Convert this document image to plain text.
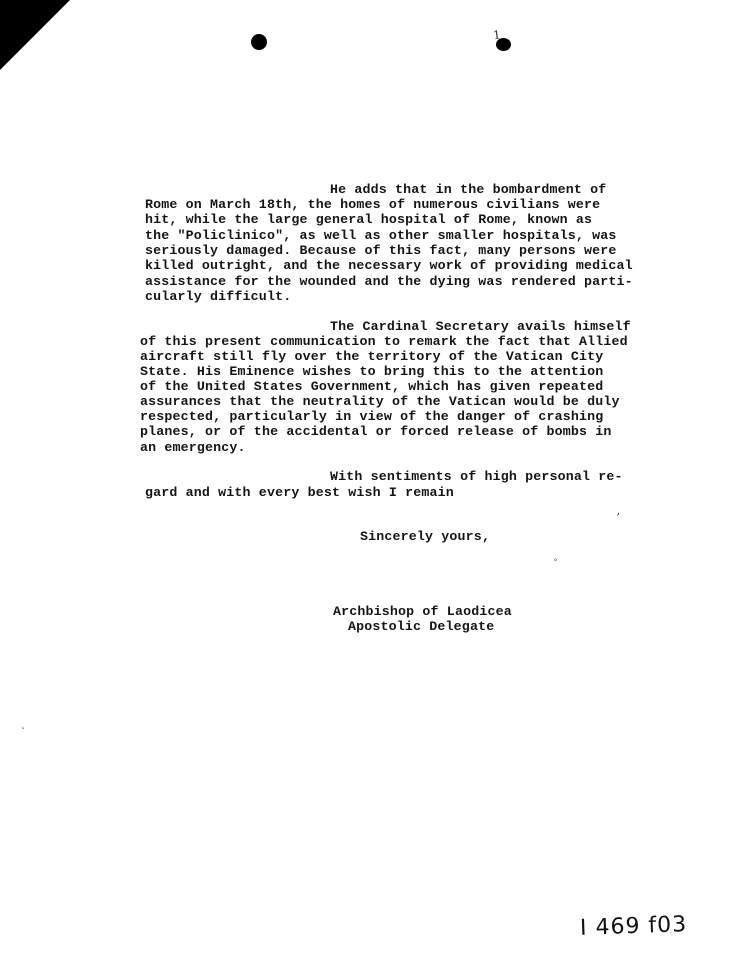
1
,
°
ʻ
He adds that in the bombardment of
Rome on March 18th, the homes of numerous civilians were
hit, while the large general hospital of Rome, known as
the "Policlinico", as well as other smaller hospitals, was
seriously damaged. Because of this fact, many persons were
killed outright, and the necessary work of providing medical
assistance for the wounded and the dying was rendered parti-
cularly difficult.
The Cardinal Secretary avails himself
of this present communication to remark the fact that Allied
aircraft still fly over the territory of the Vatican City
State. His Eminence wishes to bring this to the attention
of the United States Government, which has given repeated
assurances that the neutrality of the Vatican would be duly
respected, particularly in view of the danger of crashing
planes, or of the accidental or forced release of bombs in
an emergency.
With sentiments of high personal re-
gard and with every best wish I remain
Sincerely yours,
Archbishop of Laodicea
Apostolic Delegate
I 469 f03
